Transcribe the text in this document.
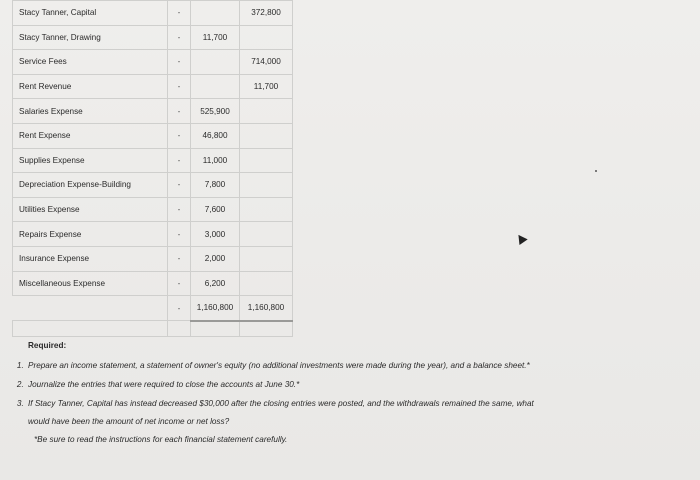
Stacy Tanner, Capital	-		372,800
Stacy Tanner, Drawing	-	11,700	
Service Fees	-		714,000
Rent Revenue	-		11,700
Salaries Expense	-	525,900	
Rent Expense	-	46,800	
Supplies Expense	-	11,000	
Depreciation Expense-Building	-	7,800	
Utilities Expense	-	7,600	
Repairs Expense	-	3,000	
Insurance Expense	-	2,000	
Miscellaneous Expense	-	6,200	
	-	1,160,800	1,160,800

Required:
1. Prepare an income statement, a statement of owner's equity (no additional investments were made during the year), and a balance sheet.*
2. Journalize the entries that were required to close the accounts at June 30.*
3. If Stacy Tanner, Capital has instead decreased $30,000 after the closing entries were posted, and the withdrawals remained the same, what
would have been the amount of net income or net loss?
*Be sure to read the instructions for each financial statement carefully.
